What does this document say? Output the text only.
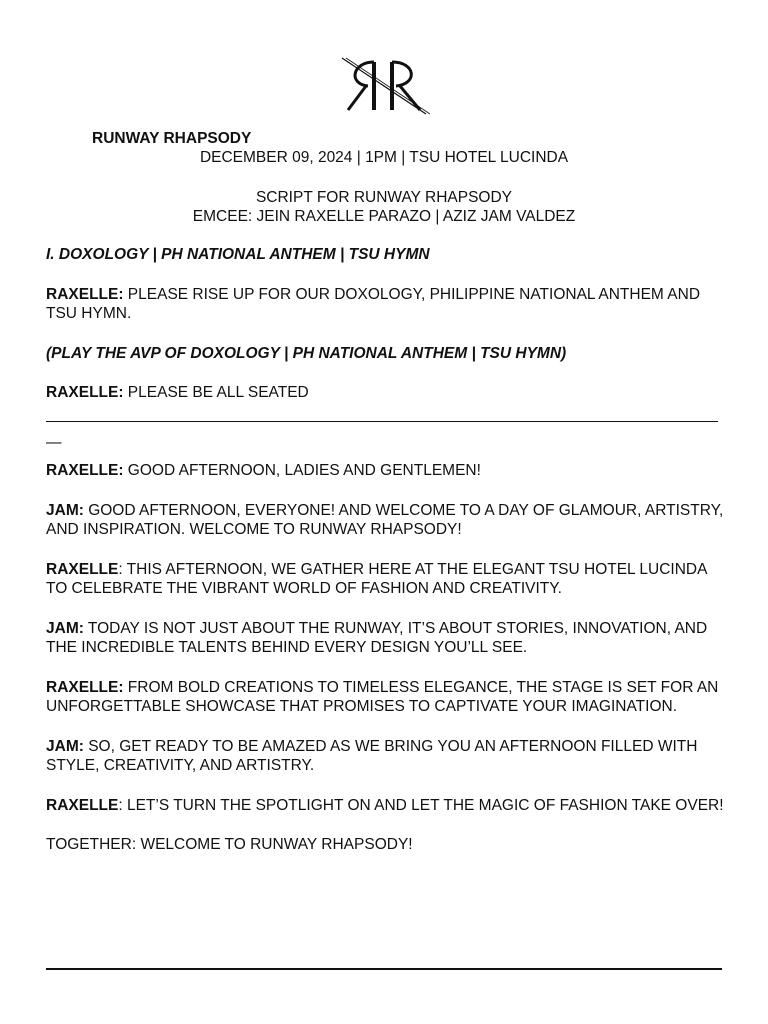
RUNWAY RHAPSODY
DECEMBER 09, 2024 | 1PM | TSU HOTEL LUCINDA
SCRIPT FOR RUNWAY RHAPSODY
EMCEE: JEIN RAXELLE PARAZO | AZIZ JAM VALDEZ

I. DOXOLOGY | PH NATIONAL ANTHEM | TSU HYMN

RAXELLE: PLEASE RISE UP FOR OUR DOXOLOGY, PHILIPPINE NATIONAL ANTHEM AND TSU HYMN.

(PLAY THE AVP OF DOXOLOGY | PH NATIONAL ANTHEM | TSU HYMN)

RAXELLE: PLEASE BE ALL SEATED

—

RAXELLE: GOOD AFTERNOON, LADIES AND GENTLEMEN!

JAM: GOOD AFTERNOON, EVERYONE! AND WELCOME TO A DAY OF GLAMOUR, ARTISTRY, AND INSPIRATION. WELCOME TO RUNWAY RHAPSODY!

RAXELLE: THIS AFTERNOON, WE GATHER HERE AT THE ELEGANT TSU HOTEL LUCINDA TO CELEBRATE THE VIBRANT WORLD OF FASHION AND CREATIVITY.

JAM: TODAY IS NOT JUST ABOUT THE RUNWAY, IT’S ABOUT STORIES, INNOVATION, AND THE INCREDIBLE TALENTS BEHIND EVERY DESIGN YOU’LL SEE.

RAXELLE: FROM BOLD CREATIONS TO TIMELESS ELEGANCE, THE STAGE IS SET FOR AN UNFORGETTABLE SHOWCASE THAT PROMISES TO CAPTIVATE YOUR IMAGINATION.

JAM: SO, GET READY TO BE AMAZED AS WE BRING YOU AN AFTERNOON FILLED WITH STYLE, CREATIVITY, AND ARTISTRY.

RAXELLE: LET’S TURN THE SPOTLIGHT ON AND LET THE MAGIC OF FASHION TAKE OVER!

TOGETHER: WELCOME TO RUNWAY RHAPSODY!
